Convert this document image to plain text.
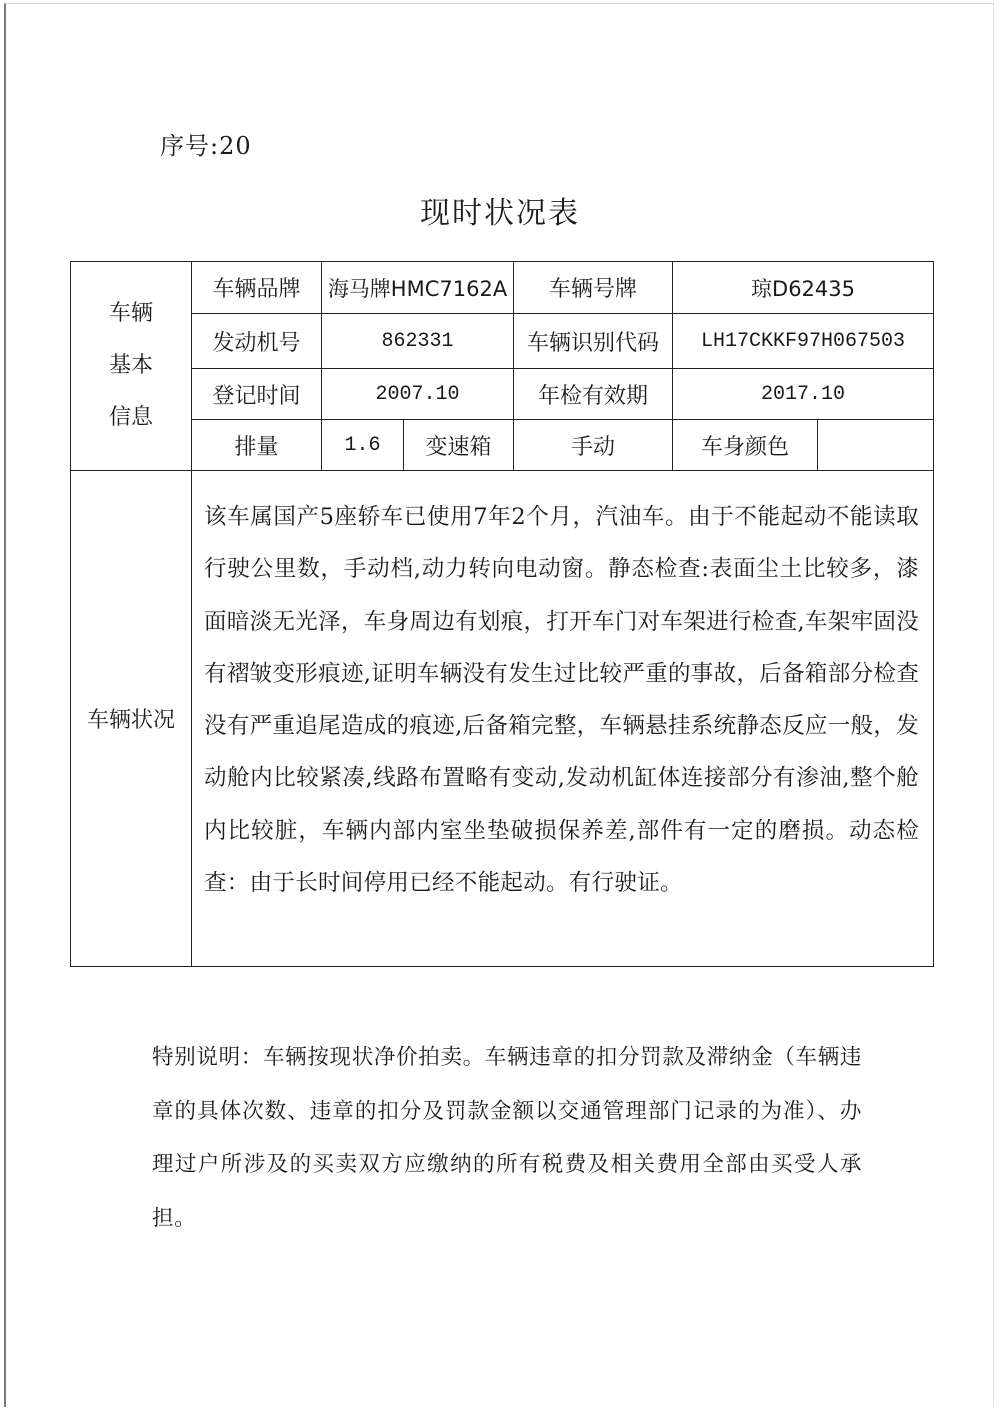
序号:20
现时状况表
车辆
基本
信息	车辆品牌	海马牌HMC7162A		车辆号牌	琼D62435	
	发动机号	862331		车辆识别代码	LH17CKKF97H067503	
	登记时间	2007.10		年检有效期	2017.10	
	排量	1.6	变速箱	手动	车身颜色	
车辆状况	该车属国产5座轿车已使用7年2个月，汽油车。由于不能起动不能读取行驶公里数，手动档,动力转向电动窗。静态检查:表面尘土比较多，漆面暗淡无光泽，车身周边有划痕，打开车门对车架进行检查,车架牢固没有褶皱变形痕迹,证明车辆没有发生过比较严重的事故，后备箱部分检查没有严重追尾造成的痕迹,后备箱完整，车辆悬挂系统静态反应一般，发动舱内比较紧凑,线路布置略有变动,发动机缸体连接部分有渗油,整个舱内比较脏，车辆内部内室坐垫破损保养差,部件有一定的磨损。动态检查：由于长时间停用已经不能起动。有行驶证。					
特别说明：车辆按现状净价拍卖。车辆违章的扣分罚款及滞纳金（车辆违章的具体次数、违章的扣分及罚款金额以交通管理部门记录的为准）、办理过户所涉及的买卖双方应缴纳的所有税费及相关费用全部由买受人承担。
